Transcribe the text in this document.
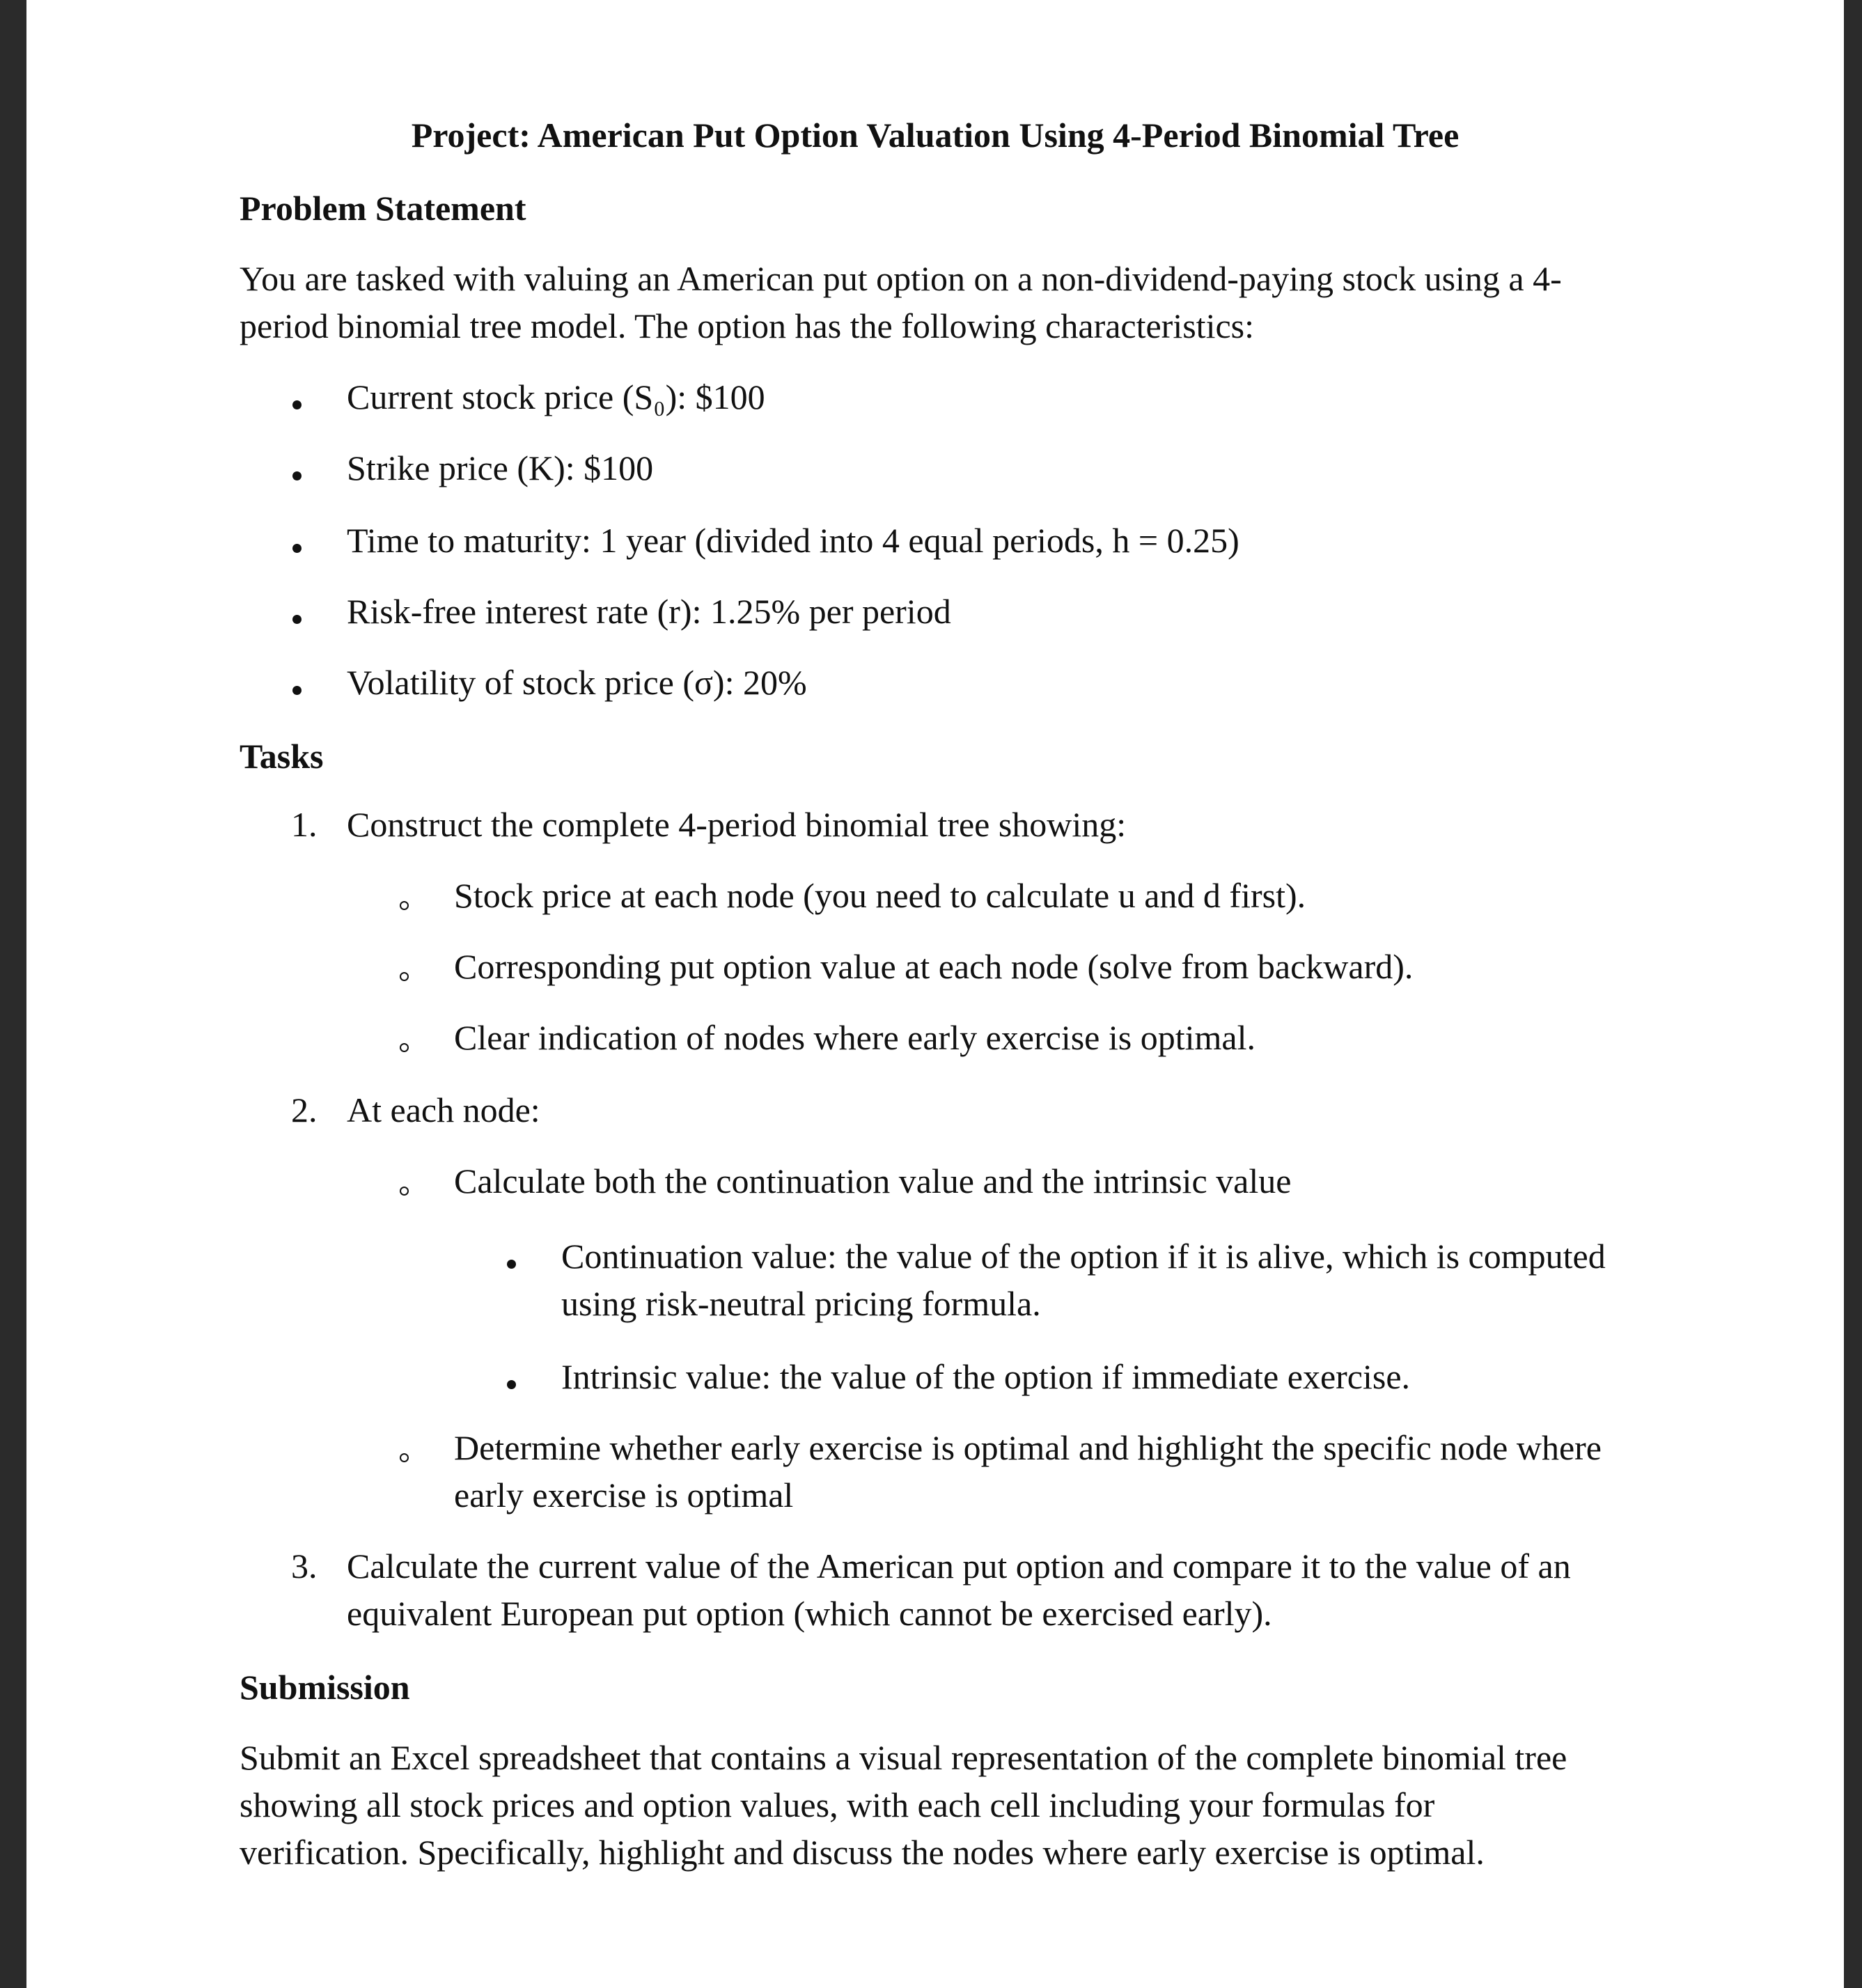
Project: American Put Option Valuation Using 4-Period Binomial Tree
Problem Statement

You are tasked with valuing an American put option on a non-dividend-paying stock using a 4-

period binomial tree model. The option has the following characteristics:

Current stock price (S₀): $100
Strike price (K): $100
Time to maturity: 1 year (divided into 4 equal periods, h = 0.25)
Risk-free interest rate (r): 1.25% per period
Volatility of stock price (σ): 20%
Tasks
1. Construct the complete 4-period binomial tree showing:
Stock price at each node (you need to calculate u and d first).
Corresponding put option value at each node (solve from backward).
Clear indication of nodes where early exercise is optimal.
2. At each node:
Calculate both the continuation value and the intrinsic value
Continuation value: the value of the option if it is alive, which is computed
using risk-neutral pricing formula.
Intrinsic value: the value of the option if immediate exercise.
Determine whether early exercise is optimal and highlight the specific node where
early exercise is optimal
3. Calculate the current value of the American put option and compare it to the value of an
equivalent European put option (which cannot be exercised early).
Submission

Submit an Excel spreadsheet that contains a visual representation of the complete binomial tree

showing all stock prices and option values, with each cell including your formulas for

verification. Specifically, highlight and discuss the nodes where early exercise is optimal.
